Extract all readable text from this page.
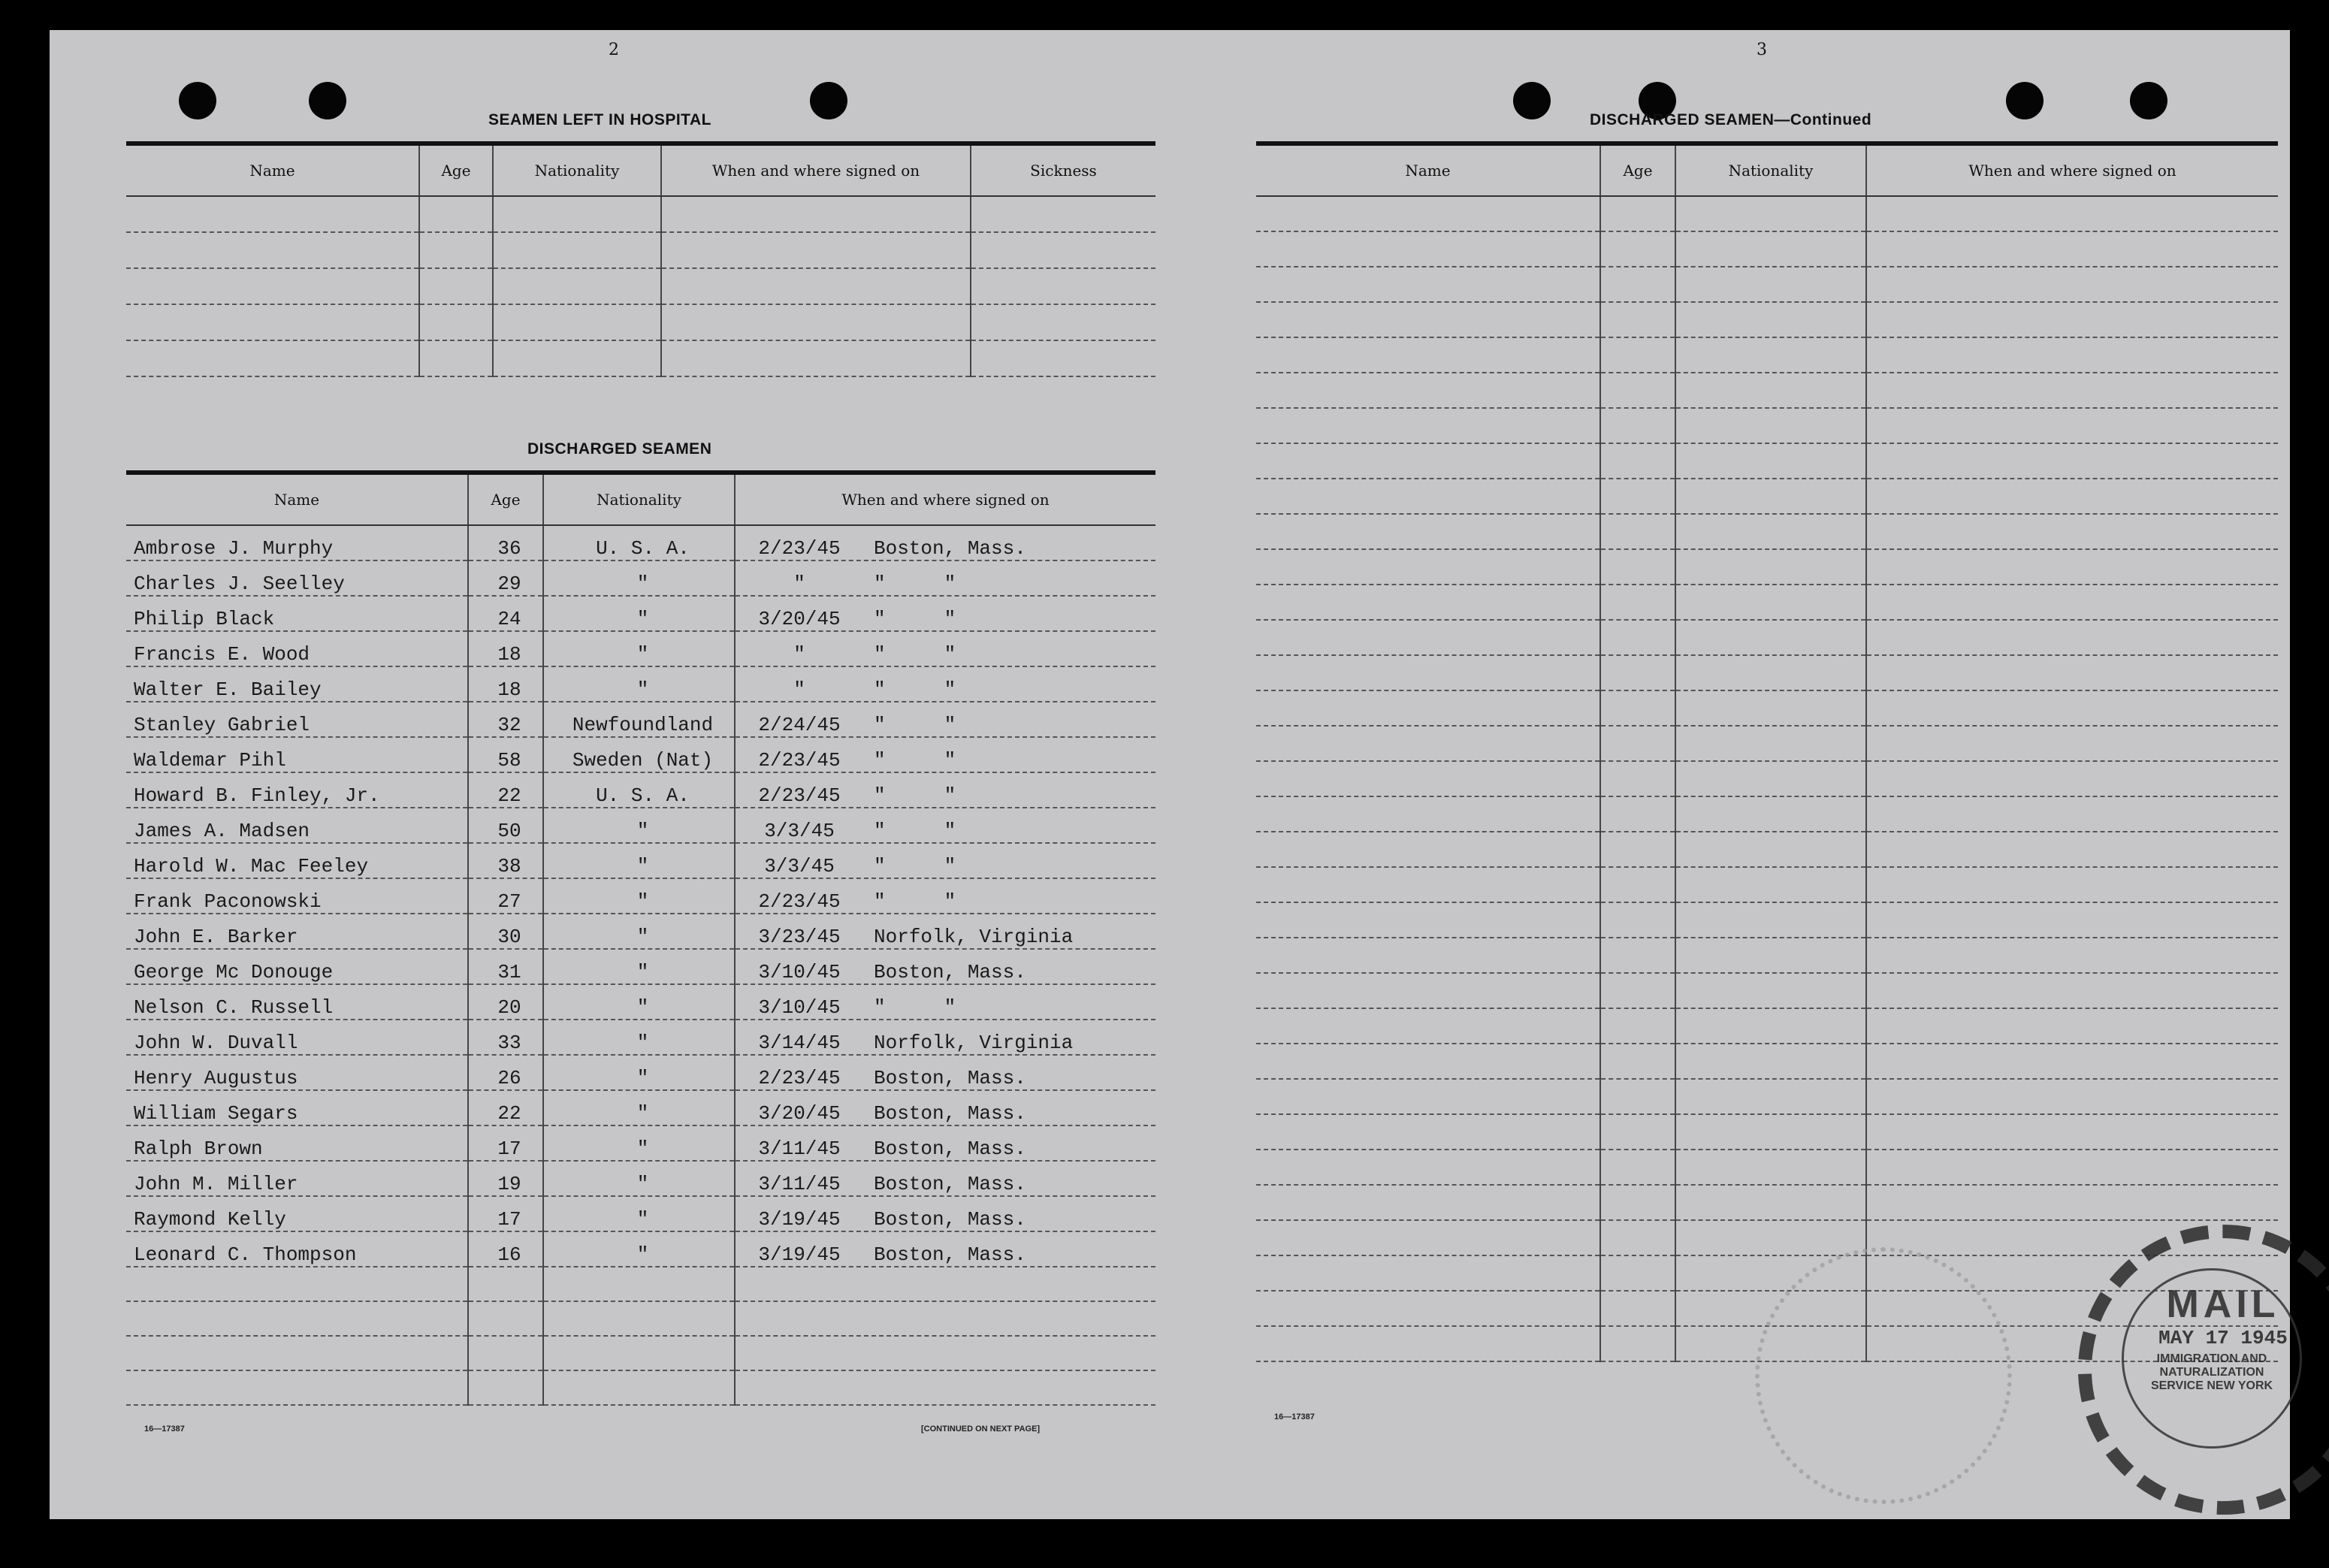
2
SEAMEN LEFT IN HOSPITAL
Name	Age	Nationality	When and where signed on	Sickness

DISCHARGED SEAMEN
Name	Age	Nationality	When and where signed on
Ambrose J. Murphy	36	U. S. A.	2/23/45 Boston, Mass.
Charles J. Seelley	29	"	" "     "
Philip Black	24	"	3/20/45 "     "
Francis E. Wood	18	"	" "     "
Walter E. Bailey	18	"	" "     "
Stanley Gabriel	32	Newfoundland	2/24/45 "     "
Waldemar Pihl	58	Sweden (Nat)	2/23/45 "     "
Howard B. Finley, Jr.	22	U. S. A.	2/23/45 "     "
James A. Madsen	50	"	3/3/45 "     "
Harold W. Mac Feeley	38	"	3/3/45 "     "
Frank Paconowski	27	"	2/23/45 "     "
John E. Barker	30	"	3/23/45 Norfolk, Virginia
George Mc Donouge	31	"	3/10/45 Boston, Mass.
Nelson C. Russell	20	"	3/10/45 "     "
John W. Duvall	33	"	3/14/45 Norfolk, Virginia
Henry Augustus	26	"	2/23/45 Boston, Mass.
William Segars	22	"	3/20/45 Boston, Mass.
Ralph Brown	17	"	3/11/45 Boston, Mass.
John M. Miller	19	"	3/11/45 Boston, Mass.
Raymond Kelly	17	"	3/19/45 Boston, Mass.
Leonard C. Thompson	16	"	3/19/45 Boston, Mass.

16—17387	[CONTINUED ON NEXT PAGE]
3
DISCHARGED SEAMEN—Continued
Name	Age	Nationality	When and where signed on

16—17387
MAIL
MAY 17 1945
IMMIGRATION AND NATURALIZATION SERVICE NEW YORK
